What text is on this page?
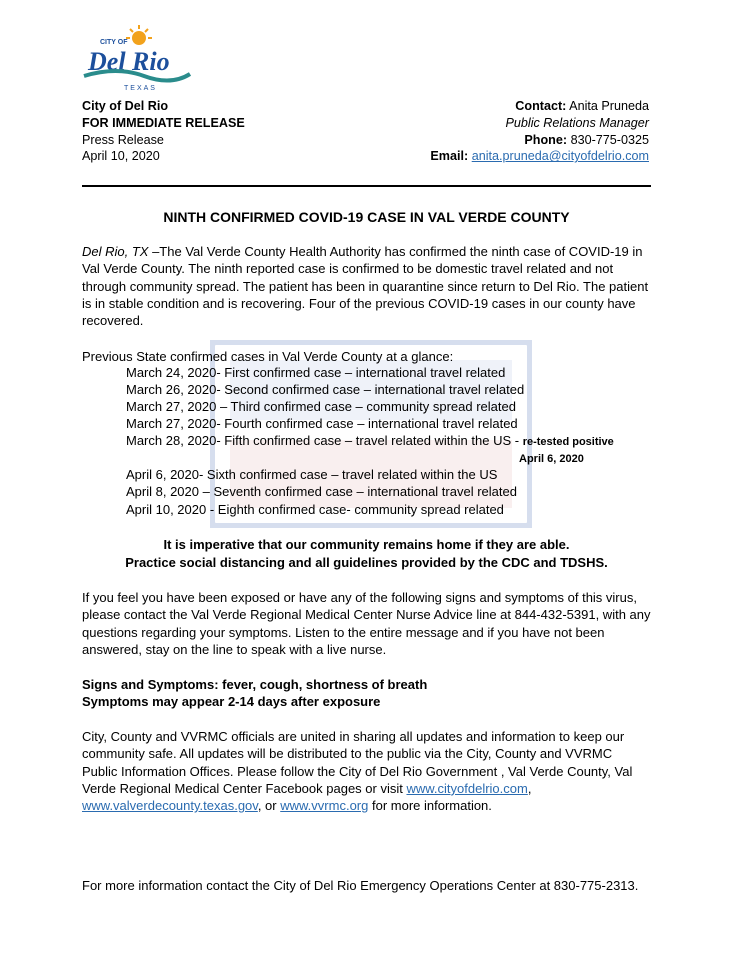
CITY OF
Del Rio
TEXAS
City of Del Rio
FOR IMMEDIATE RELEASE
Press Release
April 10, 2020
Contact: Anita Pruneda
Public Relations Manager
Phone: 830-775-0325
Email: anita.pruneda@cityofdelrio.com
NINTH CONFIRMED COVID-19 CASE IN VAL VERDE COUNTY
Del Rio, TX –The Val Verde County Health Authority has confirmed the ninth case of COVID-19 in Val Verde County. The ninth reported case is confirmed to be domestic travel related and not through community spread. The patient has been in quarantine since return to Del Rio. The patient is in stable condition and is recovering. Four of the previous COVID-19 cases in our county have recovered.
Previous State confirmed cases in Val Verde County at a glance:
March 24, 2020- First confirmed case – international travel related
March 26, 2020- Second confirmed case – international travel related
March 27, 2020 – Third confirmed case – community spread related
March 27, 2020- Fourth confirmed case – international travel related
March 28, 2020- Fifth confirmed case – travel related within the US - re-tested positive
April 6, 2020
April 6, 2020- Sixth confirmed case – travel related within the US
April 8, 2020 – Seventh confirmed case – international travel related
April 10, 2020 - Eighth confirmed case- community spread related
It is imperative that our community remains home if they are able.
Practice social distancing and all guidelines provided by the CDC and TDSHS.
If you feel you have been exposed or have any of the following signs and symptoms of this virus, please contact the Val Verde Regional Medical Center Nurse Advice line at 844-432-5391, with any questions regarding your symptoms. Listen to the entire message and if you have not been answered, stay on the line to speak with a live nurse.
Signs and Symptoms: fever, cough, shortness of breath
Symptoms may appear 2-14 days after exposure
City, County and VVRMC officials are united in sharing all updates and information to keep our community safe. All updates will be distributed to the public via the City, County and VVRMC Public Information Offices. Please follow the City of Del Rio Government , Val Verde County, Val Verde Regional Medical Center Facebook pages or visit www.cityofdelrio.com, www.valverdecounty.texas.gov, or www.vvrmc.org for more information.
For more information contact the City of Del Rio Emergency Operations Center at 830-775-2313.
